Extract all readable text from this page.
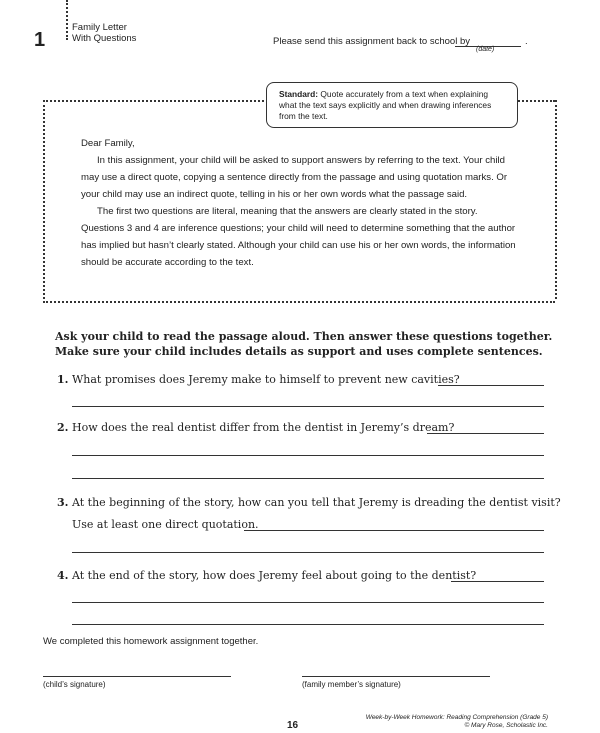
1
Family Letter
With Questions	Please send this assignment back to school by	.
(date)
Standard: Quote accurately from a text when explaining what the text says explicitly and when drawing inferences from the text.

Dear Family,

In this assignment, your child will be asked to support answers by referring to the text. Your child may use a direct quote, copying a sentence directly from the passage and using quotation marks. Or your child may use an indirect quote, telling in his or her own words what the passage said.

The first two questions are literal, meaning that the answers are clearly stated in the story. Questions 3 and 4 are inference questions; your child will need to determine something that the author has implied but hasn’t clearly stated. Although your child can use his or her own words, the information should be accurate according to the text.

Ask your child to read the passage aloud. Then answer these questions together. Make sure your child includes details as support and uses complete sentences.
1. What promises does Jeremy make to himself to prevent new cavities?
2. How does the real dentist differ from the dentist in Jeremy’s dream?
3. At the beginning of the story, how can you tell that Jeremy is dreading the dentist visit?
Use at least one direct quotation.
4. At the end of the story, how does Jeremy feel about going to the dentist?
We completed this homework assignment together.
(child’s signature)	(family member’s signature)
16
Week-by-Week Homework: Reading Comprehension (Grade 5)
© Mary Rose, Scholastic Inc.
